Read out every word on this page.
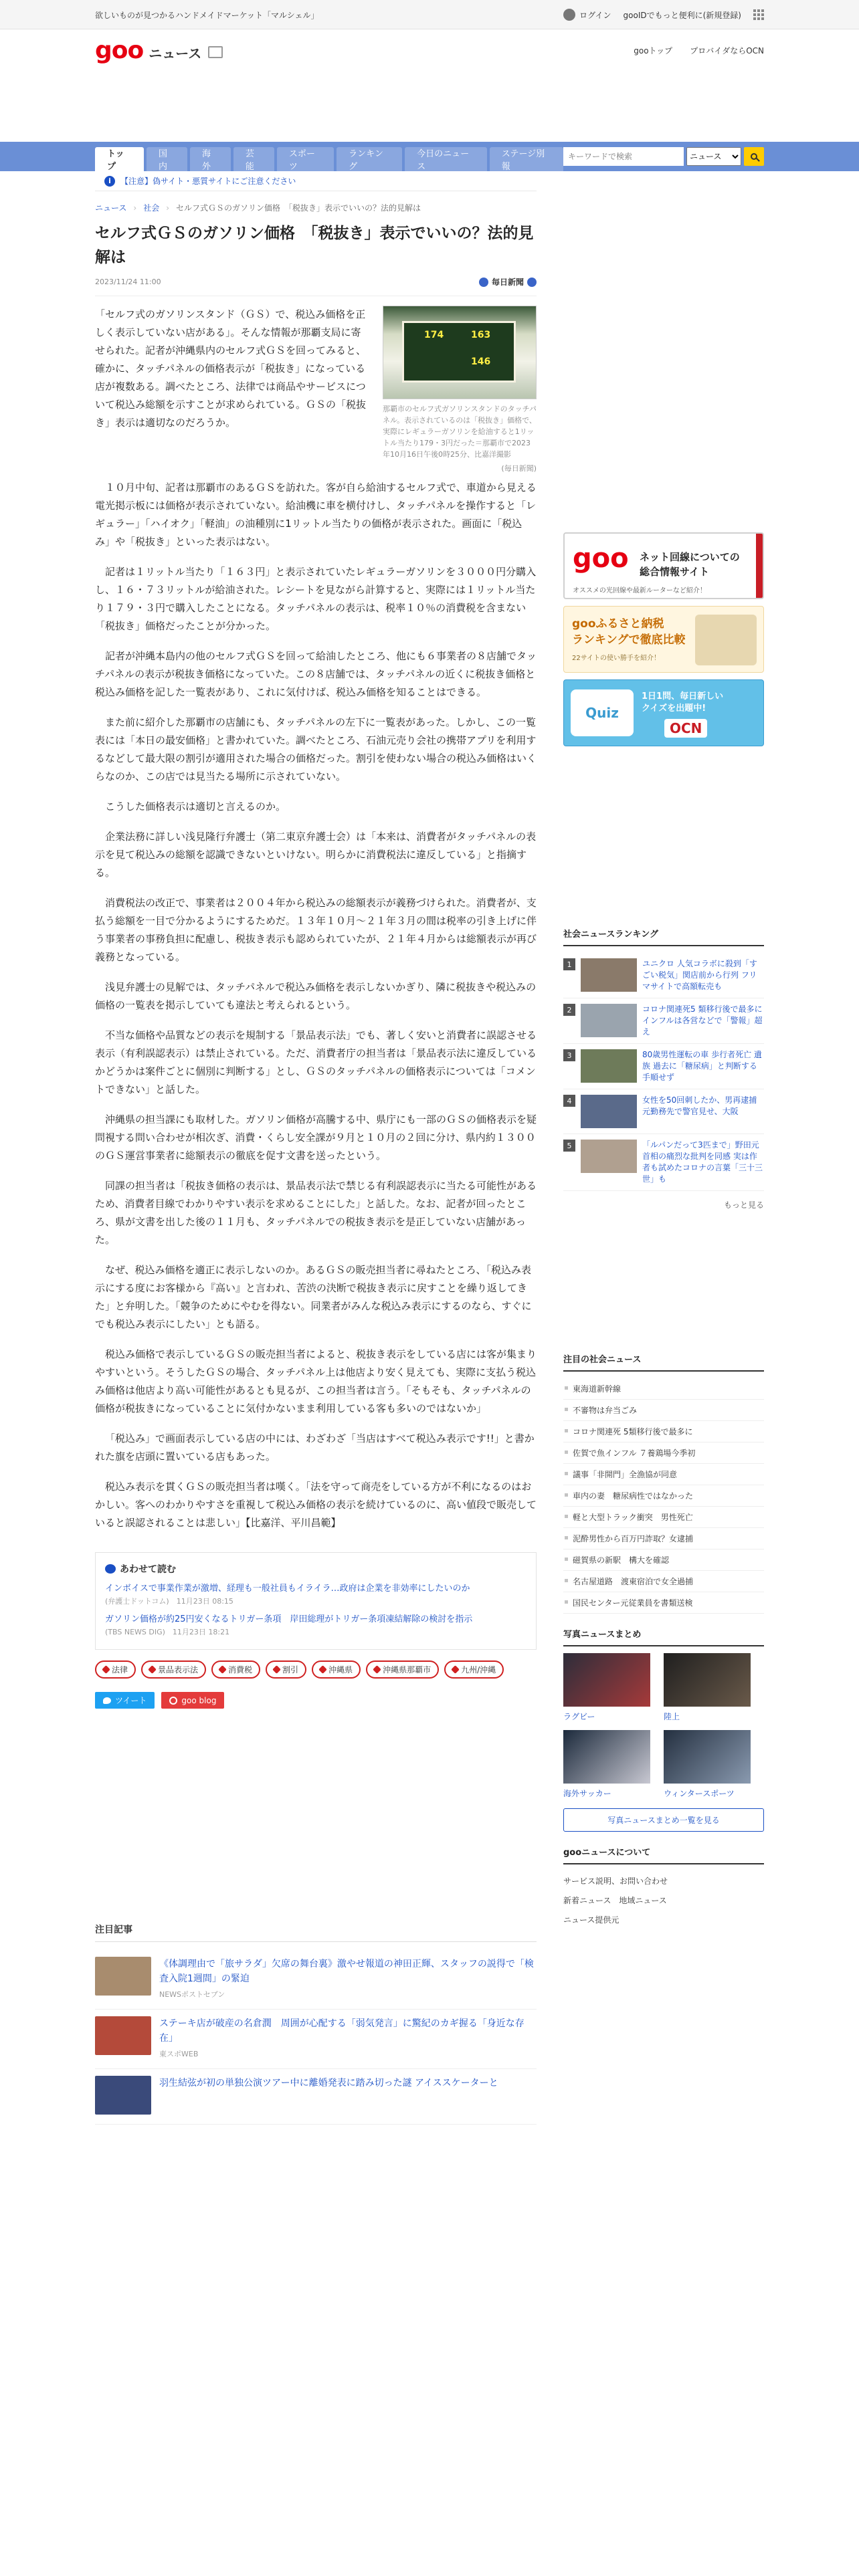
欲しいものが見つかるハンドメイドマーケット「マルシェル」	ログイン gooIDでもっと便利に(新規登録)
goo ニュース	gooトップ プロバイダならOCN
トップ
国内
海外
芸能
スポーツ
ランキング
今日のニュース
ステージ別報
キーワードで検索
ニュース
i	【注意】偽サイト・悪質サイトにご注意ください
ニュース › 社会 › セルフ式ＧＳのガソリン価格　「税抜き」表示でいいの？法的見解は
セルフ式ＧＳのガソリン価格　「税抜き」表示でいいの？法的見解は
2023/11/24 11:00	毎日新聞

「セルフ式のガソリンスタンド（ＧＳ）で、税込み価格を正しく表示していない店がある」。そんな情報が那覇支局に寄せられた。記者が沖縄県内のセルフ式ＧＳを回ってみると、確かに、タッチパネルの価格表示が「税抜き」になっている店が複数ある。調べたところ、法律では商品やサービスについて税込み総額を示すことが求められている。ＧＳの「税抜き」表示は適切なのだろうか。

174	163
146

那覇市のセルフ式ガソリンスタンドのタッチパネル。表示されているのは「税抜き」価格で、実際にレギュラーガソリンを給油すると1リットル当たり179・3円だった＝那覇市で2023年10月16日午後0時25分、比嘉洋撮影

(毎日新聞)

１０月中旬、記者は那覇市のあるＧＳを訪れた。客が自ら給油するセルフ式で、車道から見える電光掲示板には価格が表示されていない。給油機に車を横付けし、タッチパネルを操作すると「レギュラー」「ハイオク」「軽油」の油種別に1リットル当たりの価格が表示された。画面に「税込み」や「税抜き」といった表示はない。

記者は１リットル当たり「１６３円」と表示されていたレギュラーガソリンを３０００円分購入し、１６・７３リットルが給油された。レシートを見ながら計算すると、実際には１リットル当たり１７９・３円で購入したことになる。タッチパネルの表示は、税率１０％の消費税を含まない「税抜き」価格だったことが分かった。

記者が沖縄本島内の他のセルフ式ＧＳを回って給油したところ、他にも６事業者の８店舗でタッチパネルの表示が税抜き価格になっていた。この８店舗では、タッチパネルの近くに税抜き価格と税込み価格を記した一覧表があり、これに気付けば、税込み価格を知ることはできる。

また前に紹介した那覇市の店舗にも、タッチパネルの左下に一覧表があった。しかし、この一覧表には「本日の最安価格」と書かれていた。調べたところ、石油元売り会社の携帯アプリを利用するなどして最大限の割引が適用された場合の価格だった。割引を使わない場合の税込み価格はいくらなのか、この店では見当たる場所に示されていない。

こうした価格表示は適切と言えるのか。

企業法務に詳しい浅見隆行弁護士（第二東京弁護士会）は「本来は、消費者がタッチパネルの表示を見て税込みの総額を認識できないといけない。明らかに消費税法に違反している」と指摘する。

消費税法の改正で、事業者は２００４年から税込みの総額表示が義務づけられた。消費者が、支払う総額を一目で分かるようにするためだ。１３年１０月～２１年３月の間は税率の引き上げに伴う事業者の事務負担に配慮し、税抜き表示も認められていたが、２１年４月からは総額表示が再び義務となっている。

浅見弁護士の見解では、タッチパネルで税込み価格を表示しないかぎり、隣に税抜きや税込みの価格の一覧表を掲示していても違法と考えられるという。

不当な価格や品質などの表示を規制する「景品表示法」でも、著しく安いと消費者に誤認させる表示（有利誤認表示）は禁止されている。ただ、消費者庁の担当者は「景品表示法に違反しているかどうかは案件ごとに個別に判断する」とし、ＧＳのタッチパネルの価格表示については「コメントできない」と話した。

沖縄県の担当課にも取材した。ガソリン価格が高騰する中、県庁にも一部のＧＳの価格表示を疑問視する問い合わせが相次ぎ、消費・くらし安全課が９月と１０月の２回に分け、県内約１３００のＧＳ運営事業者に総額表示の徹底を促す文書を送ったという。

同課の担当者は「税抜き価格の表示は、景品表示法で禁じる有利誤認表示に当たる可能性があるため、消費者目線でわかりやすい表示を求めることにした」と話した。なお、記者が回ったところ、県が文書を出した後の１１月も、タッチパネルでの税抜き表示を是正していない店舗があった。

なぜ、税込み価格を適正に表示しないのか。あるＧＳの販売担当者に尋ねたところ、「税込み表示にする度にお客様から『高い』と言われ、苦渋の決断で税抜き表示に戻すことを繰り返してきた」と弁明した。「競争のためにやむを得ない。同業者がみんな税込み表示にするのなら、すぐにでも税込み表示にしたい」とも語る。

税込み価格で表示しているＧＳの販売担当者によると、税抜き表示をしている店には客が集まりやすいという。そうしたＧＳの場合、タッチパネル上は他店より安く見えても、実際に支払う税込み価格は他店より高い可能性があるとも見るが、この担当者は言う。「そもそも、タッチパネルの価格が税抜きになっていることに気付かないまま利用している客も多いのではないか」

「税込み」で画面表示している店の中には、わざわざ「当店はすべて税込み表示です!!」と書かれた旗を店頭に置いている店もあった。

税込み表示を貫くＧＳの販売担当者は嘆く。「法を守って商売をしている方が不利になるのはおかしい。客へのわかりやすさを重視して税込み価格の表示を続けているのに、高い値段で販売していると誤認されることは悲しい」【比嘉洋、平川昌範】

あわせて読む
インボイスで事業作業が激増、経理も一般社員もイライラ…政府は企業を非効率にしたいのか
(弁護士ドットコム)　11月23日 08:15
ガソリン価格が約25円安くなるトリガー条項　岸田総理がトリガー条項凍結解除の検討を指示
(TBS NEWS DIG)　11月23日 18:21
法律	景品表示法	消費税	割引	沖縄県	沖縄県那覇市	九州/沖縄
ツイート	goo blog
注目記事

《体調理由で「旅サラダ」欠席の舞台裏》激やせ報道の神田正輝、スタッフの説得で「検査入院1週間」の緊迫

NEWSポストセブン

ステーキ店が破産の名倉潤　周囲が心配する「弱気発言」に驚紀のカギ握る「身近な存在」

東スポWEB

羽生結弦が初の単独公演ツアー中に離婚発表に踏み切った謎 アイススケーターと

goo ネット回線についての
総合情報サイト
オススメの光回線や最新ルーターなど紹介！
gooふるさと納税
ランキングで徹底比較
22サイトの使い勝手を紹介！
Quiz
1日1問、毎日新しい
クイズを出題中!
OCN
社会ニュースランキング
1	ユニクロ 人気コラボに殺到「すごい税気」関店前から行列 フリマサイトで高額転売も
2	コロナ関連死5 類移行後で最多に インフルは各営などで「警報」超え
3	80歳男性運転の車 歩行者死亡 遺族 過去に「糖尿病」と判断する手順せず
4	女性を50回刺したか、男再逮捕　元勤務先で警官見せ、大阪
5	「ルパンだって3匹まで」野田元首相の痛烈な批判を同感 実は作者も試めたコロナの言葉「三十三世」も

もっと見る

注目の社会ニュース
東海道新幹線
不審物は弁当ごみ
コロナ関連死 5類移行後で最多に
佐賀で魚インフル ７養鶏場今季初
議事「非開門」全漁協が同意
車内の妻　糖尿病性ではなかった
軽と大型トラック衝突　男性死亡
泥酔男性から百万円詐取？女逮捕
磁賀県の新駅　構大を確認
名古屋道路　渡東宿泊で女全過捕
国民センター元従業員を書類送検
写真ニュースまとめ

ラグビー	陸上

海外サッカー	ウィンタースポーツ

写真ニュースまとめ一覧を見る
gooニュースについて
サービス説明、お問い合わせ
新着ニュース　地域ニュース
ニュース提供元
